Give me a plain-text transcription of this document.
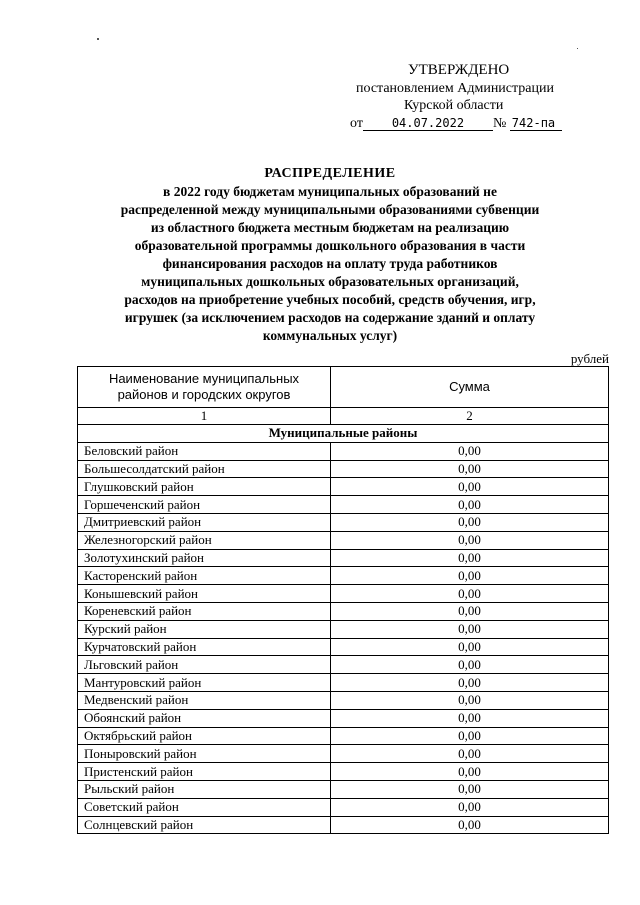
УТВЕРЖДЕНО
постановлением Администрации
Курской области
от 04.07.2022 № 742-па
РАСПРЕДЕЛЕНИЕ
в 2022 году бюджетам муниципальных образований не
распределенной между муниципальными образованиями субвенции
из областного бюджета местным бюджетам на реализацию
образовательной программы дошкольного образования в части
финансирования расходов на оплату труда работников
муниципальных дошкольных образовательных организаций,
расходов на приобретение учебных пособий, средств обучения, игр,
игрушек (за исключением расходов на содержание зданий и оплату
коммунальных услуг)
рублей
Наименование муниципальных
районов и городских округов	Сумма
1	2
Муниципальные районы	
Беловский район	0,00
Большесолдатский район	0,00
Глушковский район	0,00
Горшеченский район	0,00
Дмитриевский район	0,00
Железногорский район	0,00
Золотухинский район	0,00
Касторенский район	0,00
Конышевский район	0,00
Кореневский район	0,00
Курский район	0,00
Курчатовский район	0,00
Льговский район	0,00
Мантуровский район	0,00
Медвенский район	0,00
Обоянский район	0,00
Октябрьский район	0,00
Поныровский район	0,00
Пристенский район	0,00
Рыльский район	0,00
Советский район	0,00
Солнцевский район	0,00
